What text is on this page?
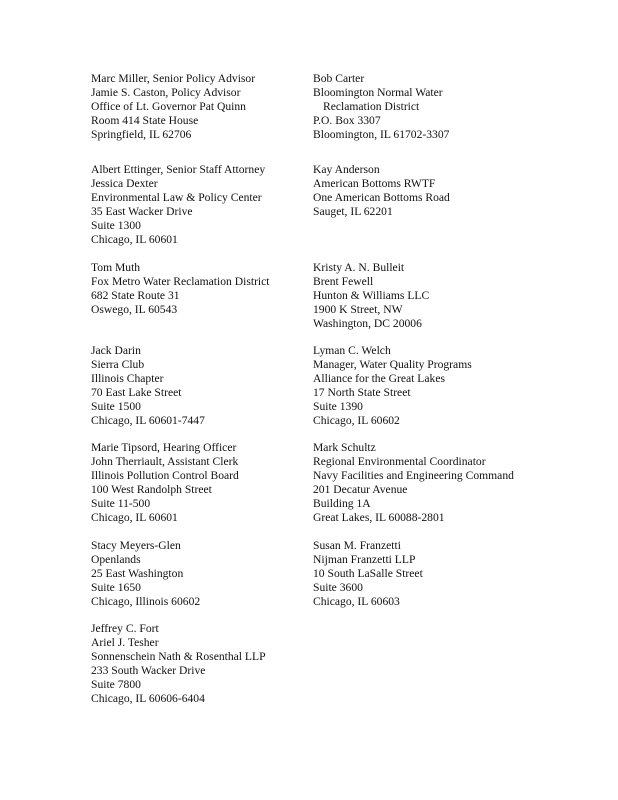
Marc Miller, Senior Policy Advisor
Jamie S. Caston, Policy Advisor
Office of Lt. Governor Pat Quinn
Room 414 State House
Springfield, IL 62706
Albert Ettinger, Senior Staff Attorney
Jessica Dexter
Environmental Law & Policy Center
35 East Wacker Drive
Suite 1300
Chicago, IL 60601
Tom Muth
Fox Metro Water Reclamation District
682 State Route 31
Oswego, IL 60543
Jack Darin
Sierra Club
Illinois Chapter
70 East Lake Street
Suite 1500
Chicago, IL 60601-7447
Marie Tipsord, Hearing Officer
John Therriault, Assistant Clerk
Illinois Pollution Control Board
100 West Randolph Street
Suite 11-500
Chicago, IL 60601
Stacy Meyers-Glen
Openlands
25 East Washington
Suite 1650
Chicago, Illinois 60602
Jeffrey C. Fort
Ariel J. Tesher
Sonnenschein Nath & Rosenthal LLP
233 South Wacker Drive
Suite 7800
Chicago, IL 60606-6404
Bob Carter
Bloomington Normal Water
Reclamation District
P.O. Box 3307
Bloomington, IL 61702-3307
Kay Anderson
American Bottoms RWTF
One American Bottoms Road
Sauget, IL 62201
Kristy A. N. Bulleit
Brent Fewell
Hunton & Williams LLC
1900 K Street, NW
Washington, DC 20006
Lyman C. Welch
Manager, Water Quality Programs
Alliance for the Great Lakes
17 North State Street
Suite 1390
Chicago, IL 60602
Mark Schultz
Regional Environmental Coordinator
Navy Facilities and Engineering Command
201 Decatur Avenue
Building 1A
Great Lakes, IL 60088-2801
Susan M. Franzetti
Nijman Franzetti LLP
10 South LaSalle Street
Suite 3600
Chicago, IL 60603
